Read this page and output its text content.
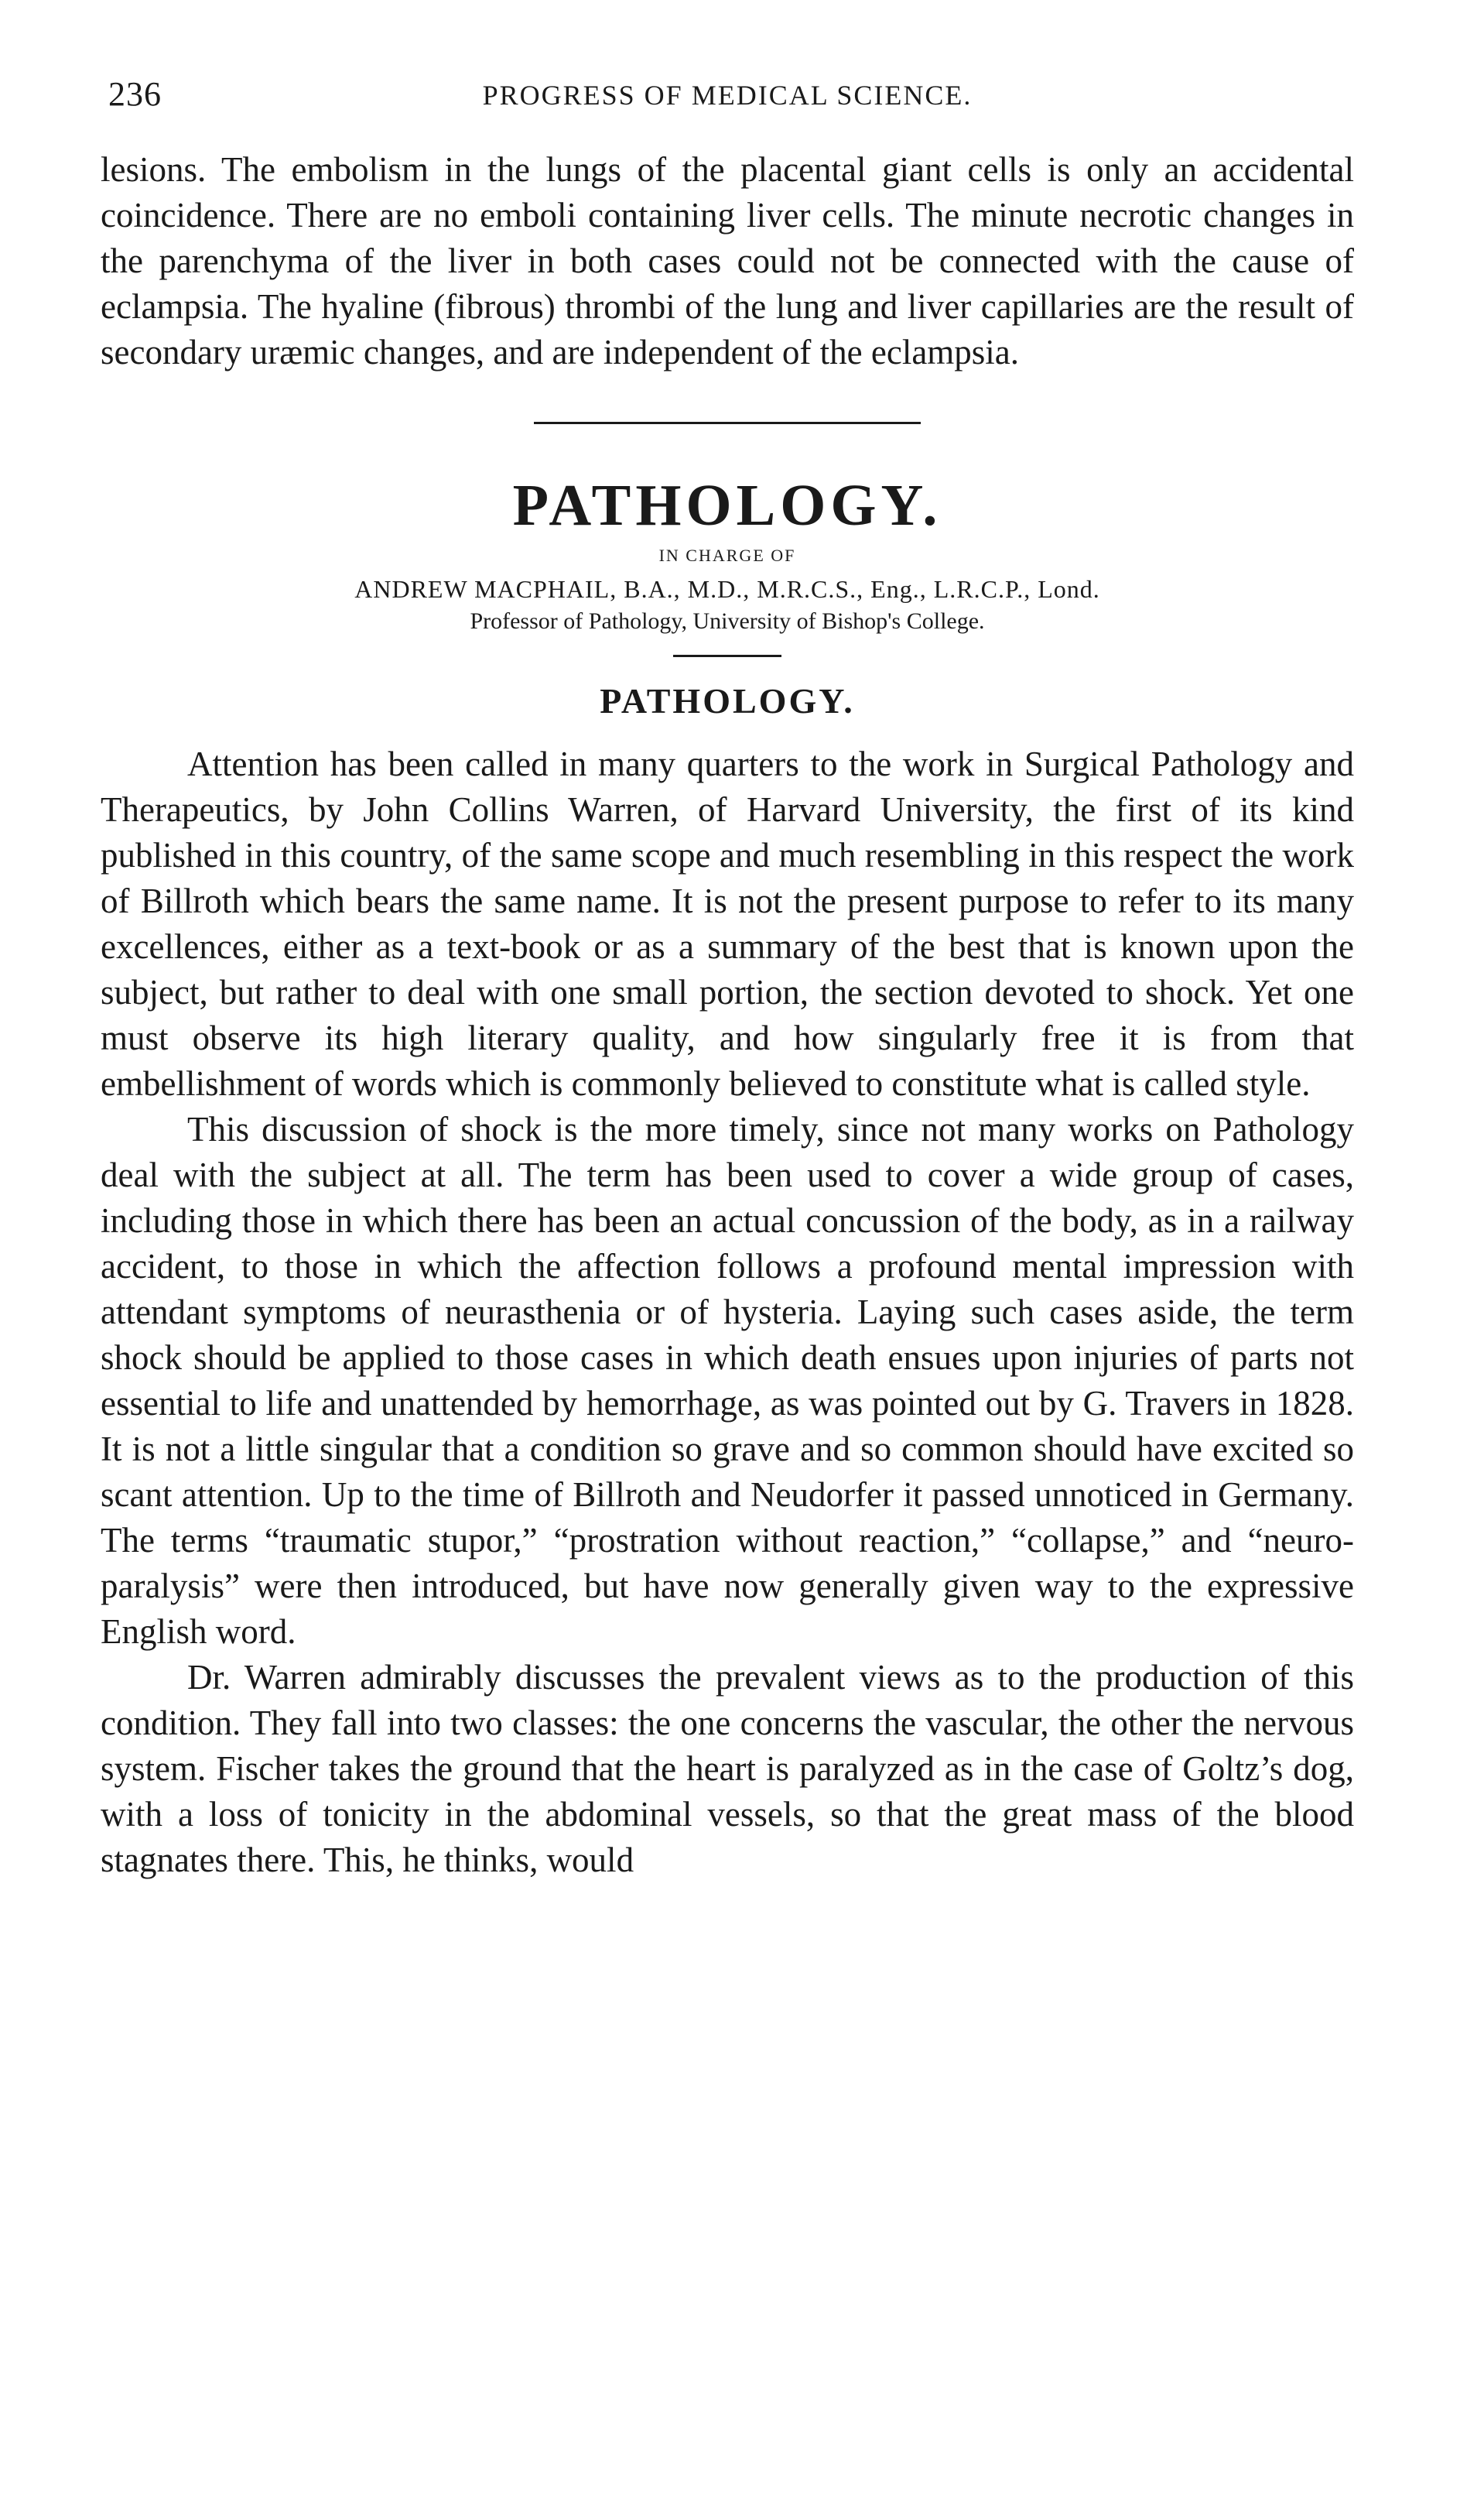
236	PROGRESS OF MEDICAL SCIENCE.

lesions. The embolism in the lungs of the placental giant cells is only an accidental coincidence. There are no emboli containing liver cells. The minute necrotic changes in the parenchyma of the liver in both cases could not be connected with the cause of eclampsia. The hyaline (fibrous) thrombi of the lung and liver capillaries are the result of secondary uræmic changes, and are independent of the eclampsia.

PATHOLOGY.
IN CHARGE OF
ANDREW MACPHAIL, B.A., M.D., M.R.C.S., Eng., L.R.C.P., Lond.
Professor of Pathology, University of Bishop's College.
PATHOLOGY.

Attention has been called in many quarters to the work in Surgical Pathology and Therapeutics, by John Collins Warren, of Harvard University, the first of its kind published in this country, of the same scope and much resembling in this respect the work of Billroth which bears the same name. It is not the present purpose to refer to its many excellences, either as a text-book or as a summary of the best that is known upon the subject, but rather to deal with one small portion, the section devoted to shock. Yet one must observe its high literary quality, and how singularly free it is from that embellishment of words which is commonly believed to constitute what is called style.

This discussion of shock is the more timely, since not many works on Pathology deal with the subject at all. The term has been used to cover a wide group of cases, including those in which there has been an actual concussion of the body, as in a railway accident, to those in which the affection follows a profound mental impression with attendant symptoms of neurasthenia or of hysteria. Laying such cases aside, the term shock should be applied to those cases in which death ensues upon injuries of parts not essential to life and unattended by hemorrhage, as was pointed out by G. Travers in 1828. It is not a little singular that a condition so grave and so common should have excited so scant attention. Up to the time of Billroth and Neudorfer it passed unnoticed in Germany. The terms “traumatic stupor,” “prostration without reaction,” “collapse,” and “neuro-paralysis” were then introduced, but have now generally given way to the expressive English word.

Dr. Warren admirably discusses the prevalent views as to the production of this condition. They fall into two classes: the one concerns the vascular, the other the nervous system. Fischer takes the ground that the heart is paralyzed as in the case of Goltz’s dog, with a loss of tonicity in the abdominal vessels, so that the great mass of the blood stagnates there. This, he thinks, would
